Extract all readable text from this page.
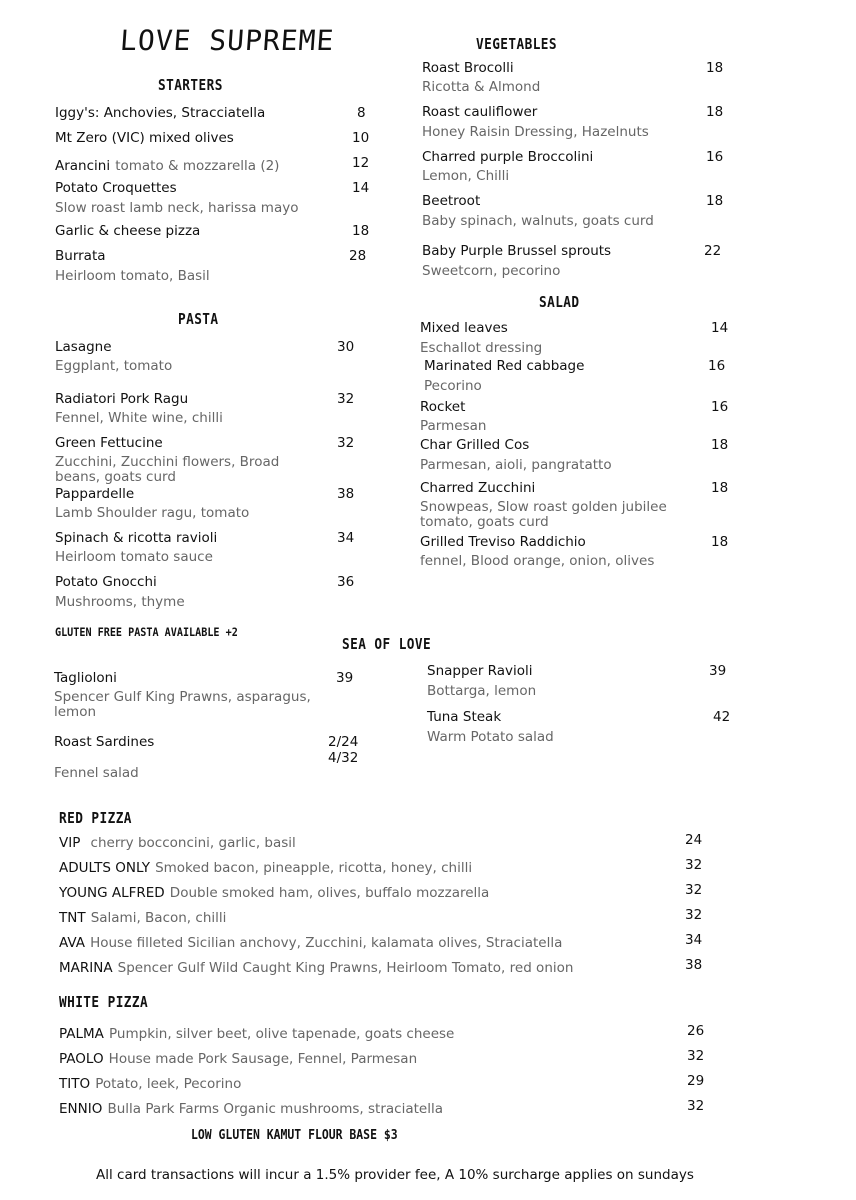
LOVE SUPREME
STARTERS
Iggy's: Anchovies, Stracciatella	8
Mt Zero (VIC) mixed olives	10
Arancini tomato & mozzarella (2)	12
Potato Croquettes	14
Slow roast lamb neck, harissa mayo
Garlic & cheese pizza	18
Burrata	28
Heirloom tomato, Basil
PASTA
Lasagne	30
Eggplant, tomato
Radiatori Pork Ragu	32
Fennel, White wine, chilli
Green Fettucine	32
Zucchini, Zucchini flowers, Broad beans, goats curd
Pappardelle	38
Lamb Shoulder ragu, tomato
Spinach & ricotta ravioli	34
Heirloom tomato sauce
Potato Gnocchi	36
Mushrooms, thyme
GLUTEN FREE PASTA AVAILABLE +2
VEGETABLES
Roast Brocolli	18
Ricotta & Almond
Roast cauliflower	18
Honey Raisin Dressing, Hazelnuts
Charred purple Broccolini	16
Lemon, Chilli
Beetroot	18
Baby spinach, walnuts, goats curd
Baby Purple Brussel sprouts	22
Sweetcorn, pecorino
SALAD
Mixed leaves	14
Eschallot dressing
Marinated Red cabbage	16
Pecorino
Rocket	16
Parmesan
Char Grilled Cos	18
Parmesan, aioli, pangratatto
Charred Zucchini	18
Snowpeas, Slow roast golden jubilee tomato, goats curd
Grilled Treviso Raddichio	18
fennel, Blood orange, onion, olives
SEA OF LOVE
Taglioloni	39
Spencer Gulf King Prawns, asparagus, lemon
Roast Sardines	2/24
4/32
Fennel salad
Snapper Ravioli	39
Bottarga, lemon
Tuna Steak	42
Warm Potato salad
RED PIZZA
VIP cherry bocconcini, garlic, basil	24
ADULTS ONLY Smoked bacon, pineapple, ricotta, honey, chilli	32
YOUNG ALFRED Double smoked ham, olives, buffalo mozzarella	32
TNT Salami, Bacon, chilli	32
AVA House filleted Sicilian anchovy, Zucchini, kalamata olives, Straciatella	34
MARINA Spencer Gulf Wild Caught King Prawns, Heirloom Tomato, red onion	38
WHITE PIZZA
PALMA Pumpkin, silver beet, olive tapenade, goats cheese	26
PAOLO House made Pork Sausage, Fennel, Parmesan	32
TITO Potato, leek, Pecorino	29
ENNIO Bulla Park Farms Organic mushrooms, straciatella	32
LOW GLUTEN KAMUT FLOUR BASE $3
All card transactions will incur a 1.5% provider fee, A 10% surcharge applies on sundays
